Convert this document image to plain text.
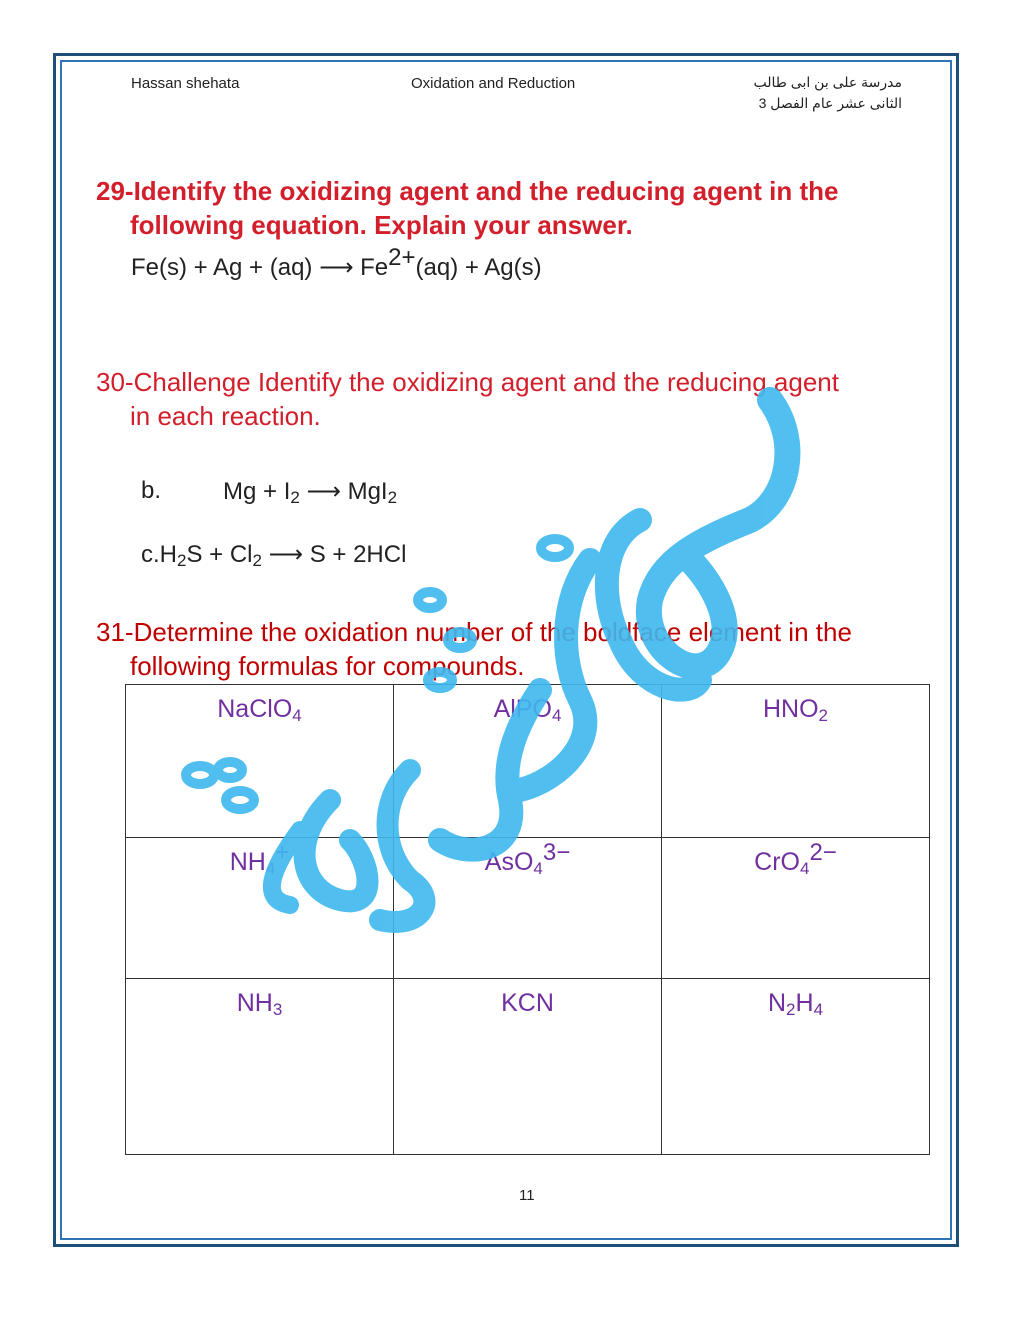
Hassan shehata	Oxidation and Reduction	مدرسة على بن ابى طالب
الثانى عشر عام الفصل 3
29-Identify the oxidizing agent and the reducing agent in the
following equation. Explain your answer.
Fe(s) + Ag + (aq) ⟶ Fe2+(aq) + Ag(s)
30-Challenge Identify the oxidizing agent and the reducing agent
in each reaction.
b.	$Mg + I_2$ ⟶ MgI$_2$
$c.H_2S + Cl_2$ ⟶ S + 2HCl
31-Determine the oxidation number of the boldface element in the
following formulas for compounds.
NaClO$_4$	AlPO$_4$	$HNO_2$
$NH_4+$	AsO$_4$3−	CrO$_4$2−
$NH_3$	KCN	$N_2H_4$
11
